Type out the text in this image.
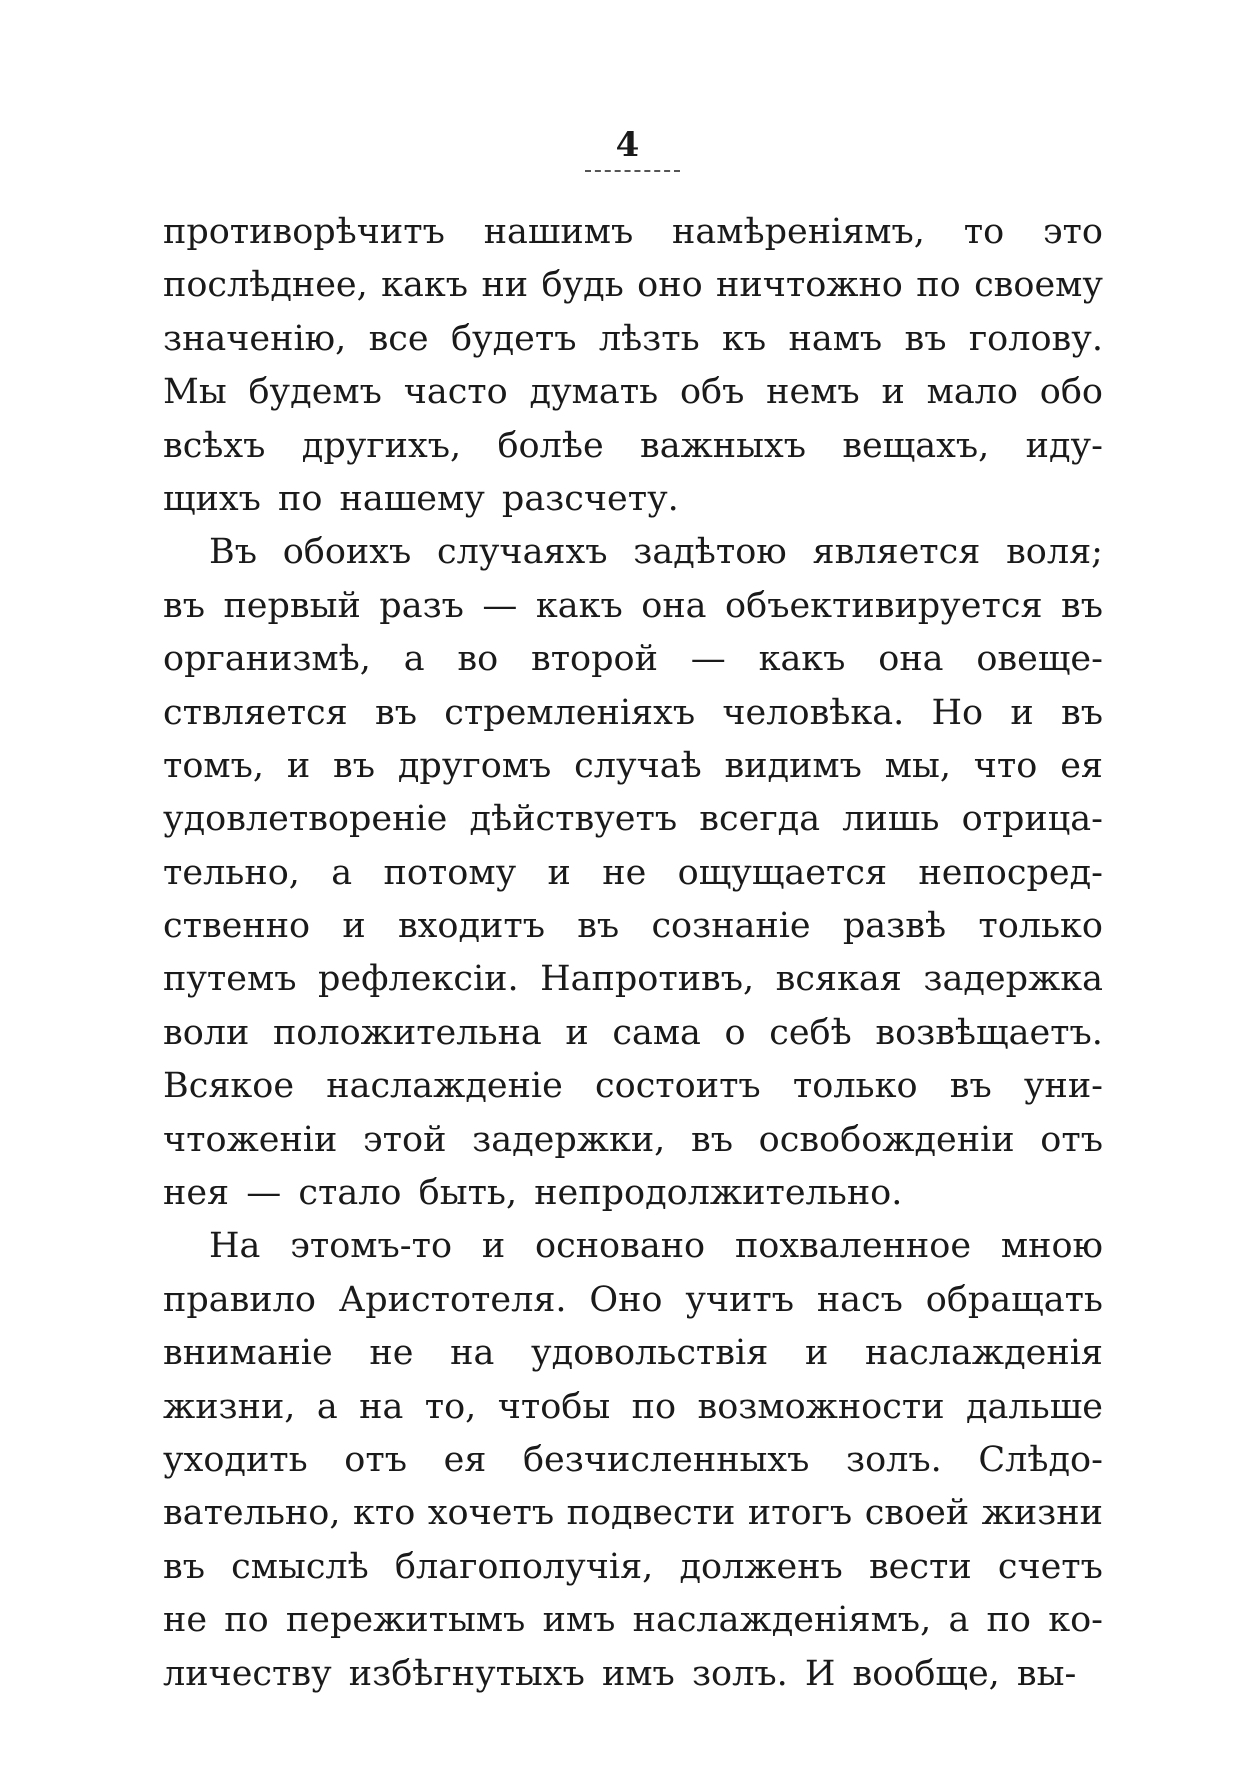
4
противорѣчитъ нашимъ намѣреніямъ, то это
послѣднее, какъ ни будь оно ничтожно по своему
значенію, все будетъ лѣзть къ намъ въ голову.
Мы будемъ часто думать объ немъ и мало обо
всѣхъ другихъ, болѣе важныхъ вещахъ, иду-
щихъ по нашему разсчету.
Въ обоихъ случаяхъ задѣтою является воля;
въ первый разъ — какъ она объективируется въ
организмѣ, а во второй — какъ она овеще-
ствляется въ стремленіяхъ человѣка. Но и въ
томъ, и въ другомъ случаѣ видимъ мы, что ея
удовлетвореніе дѣйствуетъ всегда лишь отрица-
тельно, а потому и не ощущается непосред-
ственно и входитъ въ сознаніе развѣ только
путемъ рефлексіи. Напротивъ, всякая задержка
воли положительна и сама о себѣ возвѣщаетъ.
Всякое наслажденіе состоитъ только въ уни-
чтоженіи этой задержки, въ освобожденіи отъ
нея — стало быть, непродолжительно.
На этомъ-то и основано похваленное мною
правило Аристотеля. Оно учитъ насъ обращать
вниманіе не на удовольствія и наслажденія
жизни, а на то, чтобы по возможности дальше
уходить отъ ея безчисленныхъ золъ. Слѣдо-
вательно, кто хочетъ подвести итогъ своей жизни
въ смыслѣ благополучія, долженъ вести счетъ
не по пережитымъ имъ наслажденіямъ, а по ко-
личеству избѣгнутыхъ имъ золъ. И вообще, вы-
